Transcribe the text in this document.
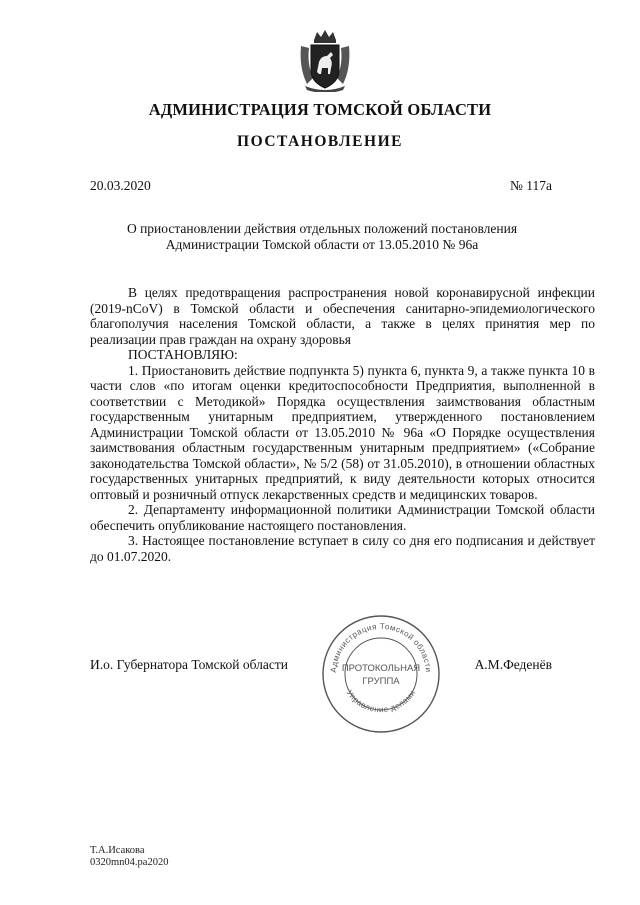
АДМИНИСТРАЦИЯ ТОМСКОЙ ОБЛАСТИ
ПОСТАНОВЛЕНИЕ
20.03.2020	№ 117а
О приостановлении действия отдельных положений постановления
Администрации Томской области от 13.05.2010 № 96а

В целях предотвращения распространения новой коронавирусной инфекции (2019-nCoV) в Томской области и обеспечения санитарно-эпидемиологического благополучия населения Томской области, а также в целях принятия мер по реализации прав граждан на охрану здоровья

ПОСТАНОВЛЯЮ:

1. Приостановить действие подпункта 5) пункта 6, пункта 9, а также пункта 10 в части слов «по итогам оценки кредитоспособности Предприятия, выполненной в соответствии с Методикой» Порядка осуществления заимствования областным государственным унитарным предприятием, утвержденного постановлением Администрации Томской области от 13.05.2010 № 96а «О Порядке осуществления заимствования областным государственным унитарным предприятием» («Собрание законодательства Томской области», № 5/2 (58) от 31.05.2010), в отношении областных государственных унитарных предприятий, к виду деятельности которых относится оптовый и розничный отпуск лекарственных средств и медицинских товаров.

2. Департаменту информационной политики Администрации Томской области обеспечить опубликование настоящего постановления.

3. Настоящее постановление вступает в силу со дня его подписания и действует до 01.07.2020.

И.о. Губернатора Томской области	Администрация Томской области
Управление делами
ПРОТОКОЛЬНАЯ
ГРУППА
А.М.Феденёв
Т.А.Исакова
0320mn04.ра2020
